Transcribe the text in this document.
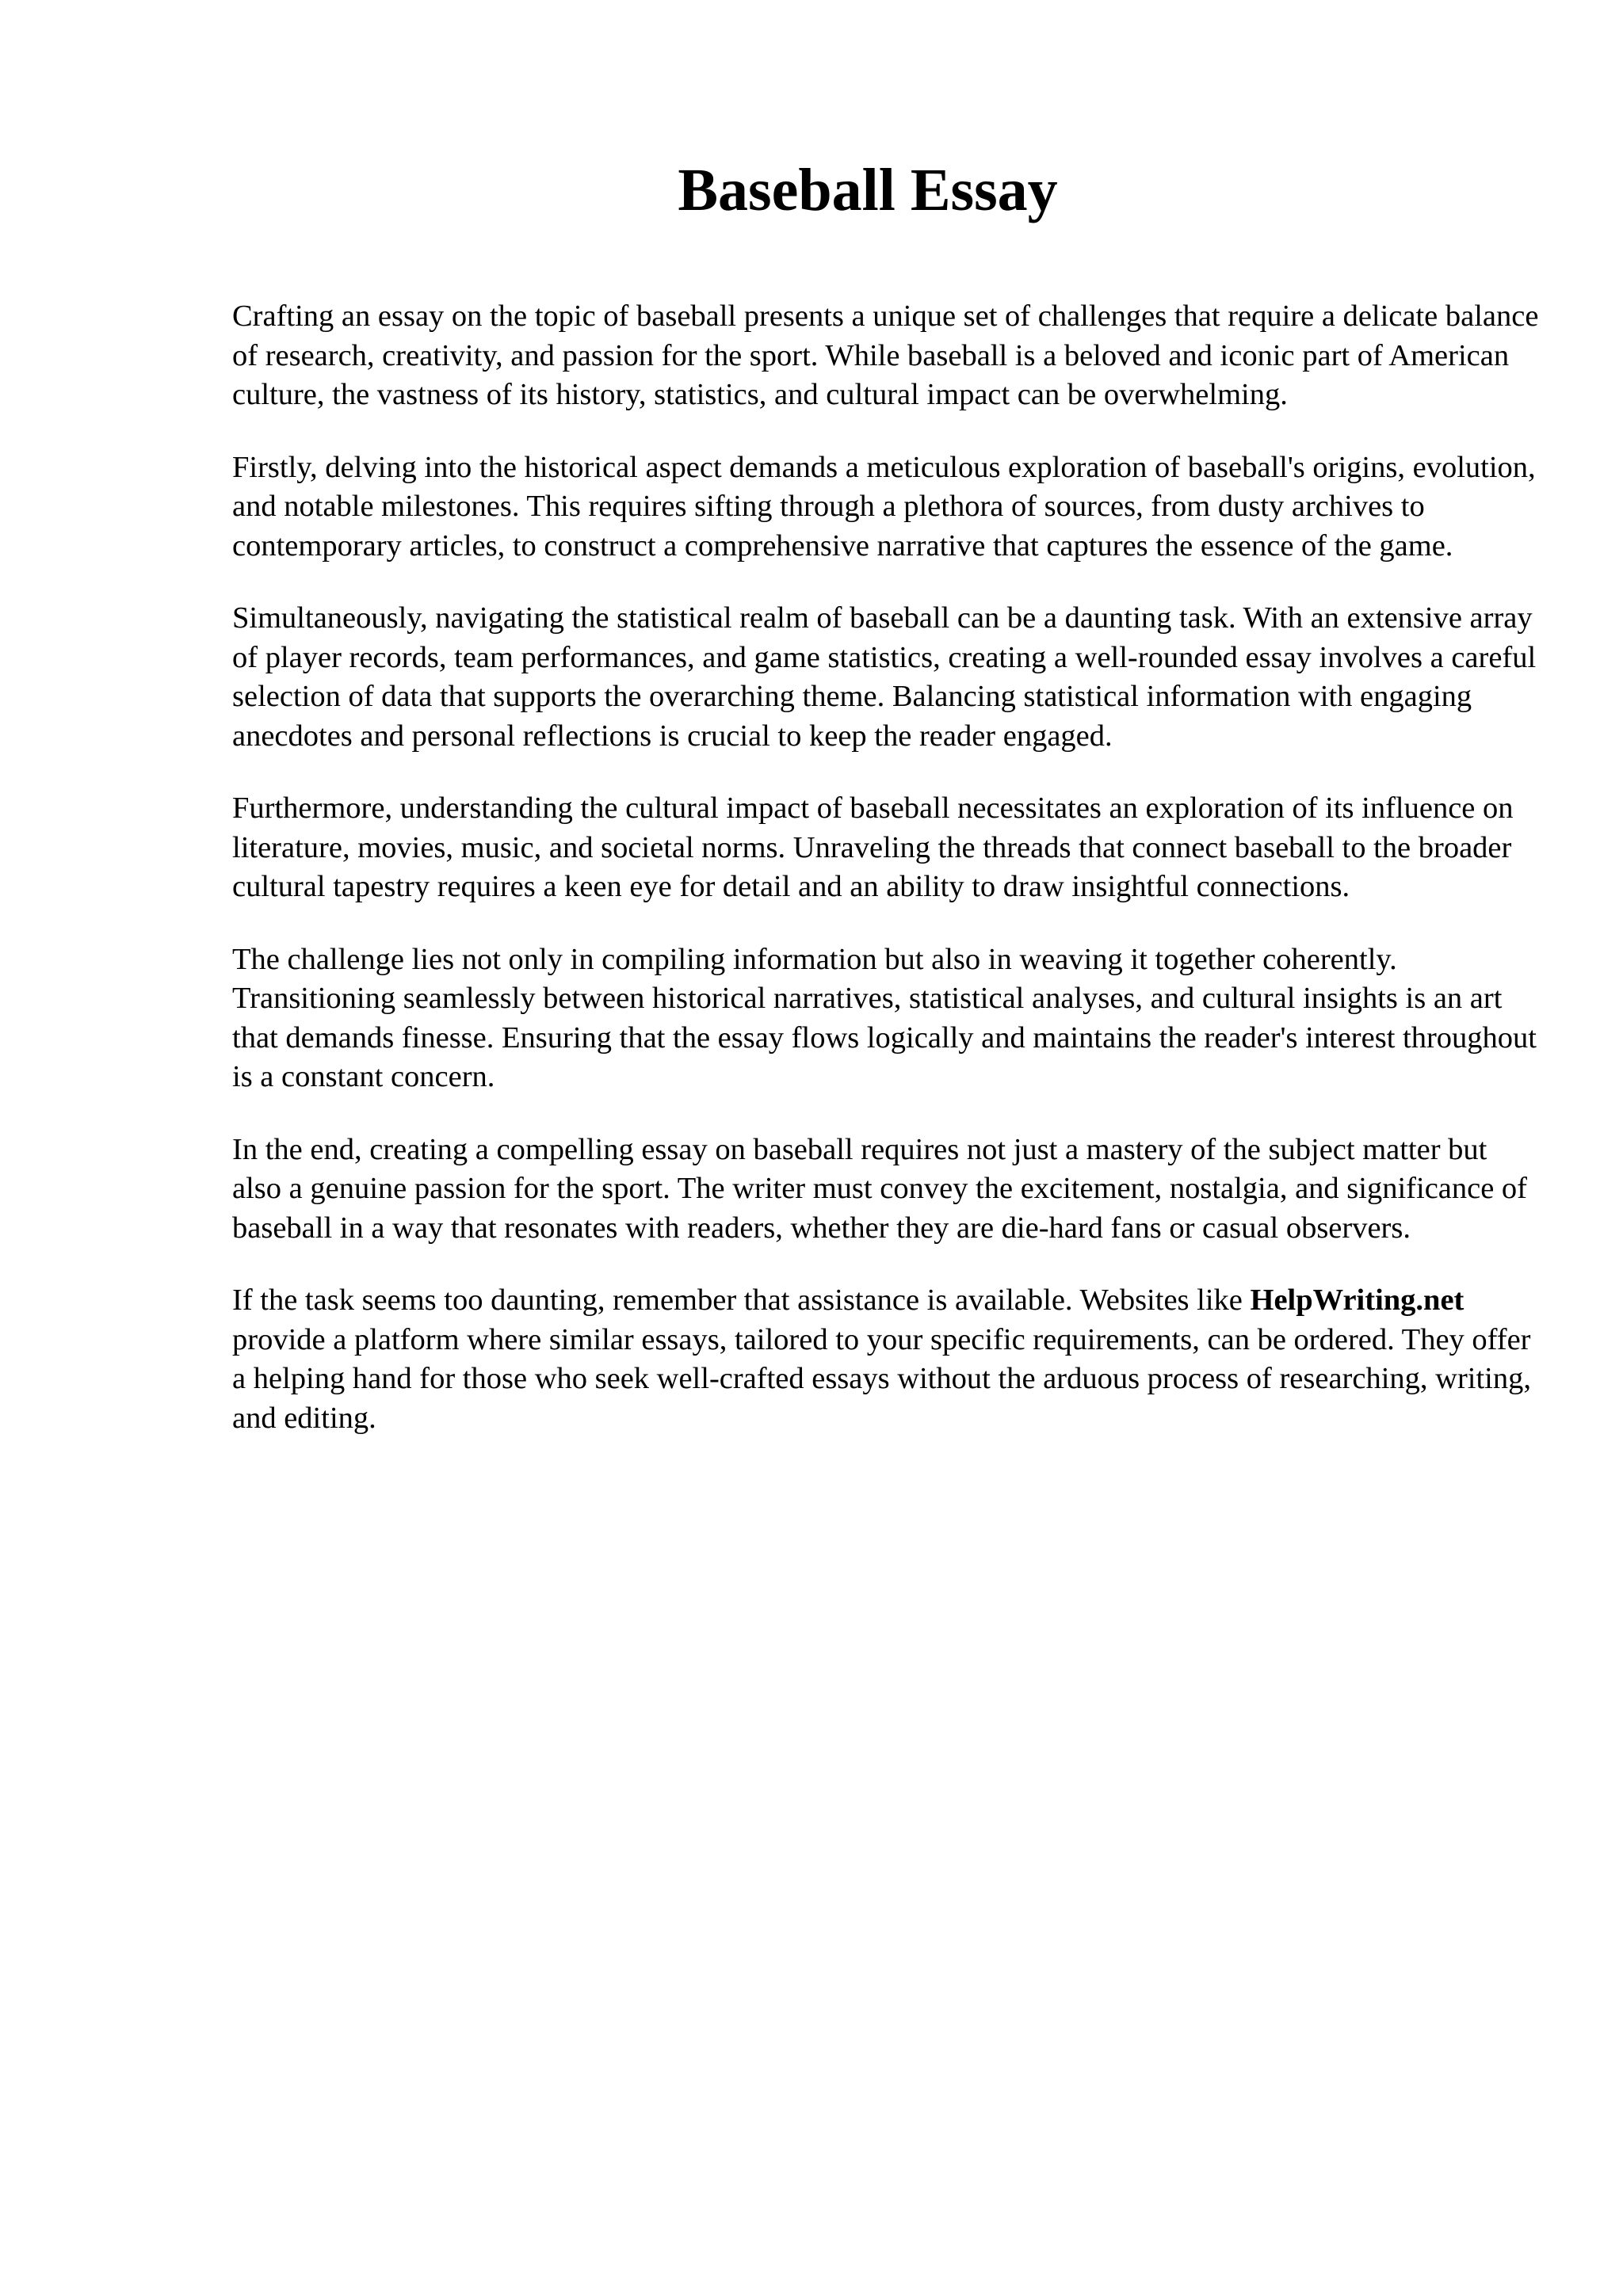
Baseball Essay

Crafting an essay on the topic of baseball presents a unique set of challenges that require a delicate balance of research, creativity, and passion for the sport. While baseball is a beloved and iconic part of American culture, the vastness of its history, statistics, and cultural impact can be overwhelming.

Firstly, delving into the historical aspect demands a meticulous exploration of baseball's origins, evolution, and notable milestones. This requires sifting through a plethora of sources, from dusty archives to contemporary articles, to construct a comprehensive narrative that captures the essence of the game.

Simultaneously, navigating the statistical realm of baseball can be a daunting task. With an extensive array of player records, team performances, and game statistics, creating a well-rounded essay involves a careful selection of data that supports the overarching theme. Balancing statistical information with engaging anecdotes and personal reflections is crucial to keep the reader engaged.

Furthermore, understanding the cultural impact of baseball necessitates an exploration of its influence on literature, movies, music, and societal norms. Unraveling the threads that connect baseball to the broader cultural tapestry requires a keen eye for detail and an ability to draw insightful connections.

The challenge lies not only in compiling information but also in weaving it together coherently. Transitioning seamlessly between historical narratives, statistical analyses, and cultural insights is an art that demands finesse. Ensuring that the essay flows logically and maintains the reader's interest throughout is a constant concern.

In the end, creating a compelling essay on baseball requires not just a mastery of the subject matter but also a genuine passion for the sport. The writer must convey the excitement, nostalgia, and significance of baseball in a way that resonates with readers, whether they are die-hard fans or casual observers.

If the task seems too daunting, remember that assistance is available. Websites like HelpWriting.net provide a platform where similar essays, tailored to your specific requirements, can be ordered. They offer a helping hand for those who seek well-crafted essays without the arduous process of researching, writing, and editing.
